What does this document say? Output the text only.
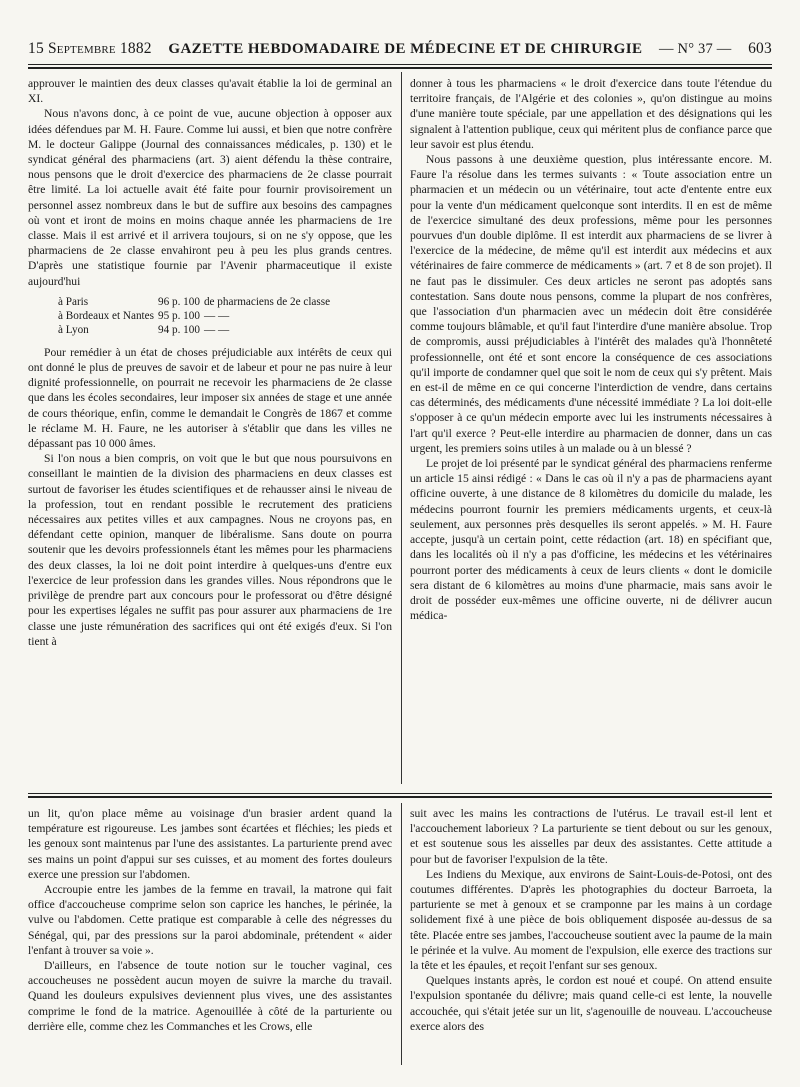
15 Septembre 1882 GAZETTE HEBDOMADAIRE DE MÉDECINE ET DE CHIRURGIE — N° 37 — 603

approuver le maintien des deux classes qu'avait établie la loi de germinal an XI.

Nous n'avons donc, à ce point de vue, aucune objection à opposer aux idées défendues par M. H. Faure. Comme lui aussi, et bien que notre confrère M. le docteur Galippe (Journal des connaissances médicales, p. 130) et le syndicat général des pharmaciens (art. 3) aient défendu la thèse contraire, nous pensons que le droit d'exercice des pharmaciens de 2e classe pourrait être limité. La loi actuelle avait été faite pour fournir provisoirement un personnel assez nombreux dans le but de suffire aux besoins des campagnes où vont et iront de moins en moins chaque année les pharmaciens de 1re classe. Mais il est arrivé et il arrivera toujours, si on ne s'y oppose, que les pharmaciens de 2e classe envahiront peu à peu les plus grands centres. D'après une statistique fournie par l'Avenir pharmaceutique il existe aujourd'hui

à Paris	96 p. 100	de pharmaciens de 2e classe
à Bordeaux et Nantes	95 p. 100	— —
à Lyon	94 p. 100	— —

Pour remédier à un état de choses préjudiciable aux intérêts de ceux qui ont donné le plus de preuves de savoir et de labeur et pour ne pas nuire à leur dignité professionnelle, on pourrait ne recevoir les pharmaciens de 2e classe que dans les écoles secondaires, leur imposer six années de stage et une année de cours théorique, enfin, comme le demandait le Congrès de 1867 et comme le réclame M. H. Faure, ne les autoriser à s'établir que dans les villes ne dépassant pas 10 000 âmes.

Si l'on nous a bien compris, on voit que le but que nous poursuivons en conseillant le maintien de la division des pharmaciens en deux classes est surtout de favoriser les études scientifiques et de rehausser ainsi le niveau de la profession, tout en rendant possible le recrutement des praticiens nécessaires aux petites villes et aux campagnes. Nous ne croyons pas, en défendant cette opinion, manquer de libéralisme. Sans doute on pourra soutenir que les devoirs professionnels étant les mêmes pour les pharmaciens des deux classes, la loi ne doit point interdire à quelques-uns d'entre eux l'exercice de leur profession dans les grandes villes. Nous répondrons que le privilège de prendre part aux concours pour le professorat ou d'être désigné pour les expertises légales ne suffit pas pour assurer aux pharmaciens de 1re classe une juste rémunération des sacrifices qui ont été exigés d'eux. Si l'on tient à

donner à tous les pharmaciens « le droit d'exercice dans toute l'étendue du territoire français, de l'Algérie et des colonies », qu'on distingue au moins d'une manière toute spéciale, par une appellation et des désignations qui les signalent à l'attention publique, ceux qui méritent plus de confiance parce que leur savoir est plus étendu.

Nous passons à une deuxième question, plus intéressante encore. M. Faure l'a résolue dans les termes suivants : « Toute association entre un pharmacien et un médecin ou un vétérinaire, tout acte d'entente entre eux pour la vente d'un médicament quelconque sont interdits. Il en est de même de l'exercice simultané des deux professions, même pour les personnes pourvues d'un double diplôme. Il est interdit aux pharmaciens de se livrer à l'exercice de la médecine, de même qu'il est interdit aux médecins et aux vétérinaires de faire commerce de médicaments » (art. 7 et 8 de son projet). Il ne faut pas le dissimuler. Ces deux articles ne seront pas adoptés sans contestation. Sans doute nous pensons, comme la plupart de nos confrères, que l'association d'un pharmacien avec un médecin doit être considérée comme toujours blâmable, et qu'il faut l'interdire d'une manière absolue. Trop de compromis, aussi préjudiciables à l'intérêt des malades qu'à l'honnêteté professionnelle, ont été et sont encore la conséquence de ces associations qu'il importe de condamner quel que soit le nom de ceux qui s'y prêtent. Mais en est-il de même en ce qui concerne l'interdiction de vendre, dans certains cas déterminés, des médicaments d'une nécessité immédiate ? La loi doit-elle s'opposer à ce qu'un médecin emporte avec lui les instruments nécessaires à l'art qu'il exerce ? Peut-elle interdire au pharmacien de donner, dans un cas urgent, les premiers soins utiles à un malade ou à un blessé ?

Le projet de loi présenté par le syndicat général des pharmaciens renferme un article 15 ainsi rédigé : « Dans le cas où il n'y a pas de pharmaciens ayant officine ouverte, à une distance de 8 kilomètres du domicile du malade, les médecins pourront fournir les premiers médicaments urgents, et ceux-là seulement, aux personnes près desquelles ils seront appelés. » M. H. Faure accepte, jusqu'à un certain point, cette rédaction (art. 18) en spécifiant que, dans les localités où il n'y a pas d'officine, les médecins et les vétérinaires pourront porter des médicaments à ceux de leurs clients « dont le domicile sera distant de 6 kilomètres au moins d'une pharmacie, mais sans avoir le droit de posséder eux-mêmes une officine ouverte, ni de délivrer aucun médica-

un lit, qu'on place même au voisinage d'un brasier ardent quand la température est rigoureuse. Les jambes sont écartées et fléchies; les pieds et les genoux sont maintenus par l'une des assistantes. La parturiente prend avec ses mains un point d'appui sur ses cuisses, et au moment des fortes douleurs exerce une pression sur l'abdomen.

Accroupie entre les jambes de la femme en travail, la matrone qui fait office d'accoucheuse comprime selon son caprice les hanches, le périnée, la vulve ou l'abdomen. Cette pratique est comparable à celle des négresses du Sénégal, qui, par des pressions sur la paroi abdominale, prétendent « aider l'enfant à trouver sa voie ».

D'ailleurs, en l'absence de toute notion sur le toucher vaginal, ces accoucheuses ne possèdent aucun moyen de suivre la marche du travail. Quand les douleurs expulsives deviennent plus vives, une des assistantes comprime le fond de la matrice. Agenouillée à côté de la parturiente ou derrière elle, comme chez les Commanches et les Crows, elle

suit avec les mains les contractions de l'utérus. Le travail est-il lent et l'accouchement laborieux ? La parturiente se tient debout ou sur les genoux, et est soutenue sous les aisselles par deux des assistantes. Cette attitude a pour but de favoriser l'expulsion de la tête.

Les Indiens du Mexique, aux environs de Saint-Louis-de-Potosi, ont des coutumes différentes. D'après les photographies du docteur Barroeta, la parturiente se met à genoux et se cramponne par les mains à un cordage solidement fixé à une pièce de bois obliquement disposée au-dessus de sa tête. Placée entre ses jambes, l'accoucheuse soutient avec la paume de la main le périnée et la vulve. Au moment de l'expulsion, elle exerce des tractions sur la tête et les épaules, et reçoit l'enfant sur ses genoux.

Quelques instants après, le cordon est noué et coupé. On attend ensuite l'expulsion spontanée du délivre; mais quand celle-ci est lente, la nouvelle accouchée, qui s'était jetée sur un lit, s'agenouille de nouveau. L'accoucheuse exerce alors des
